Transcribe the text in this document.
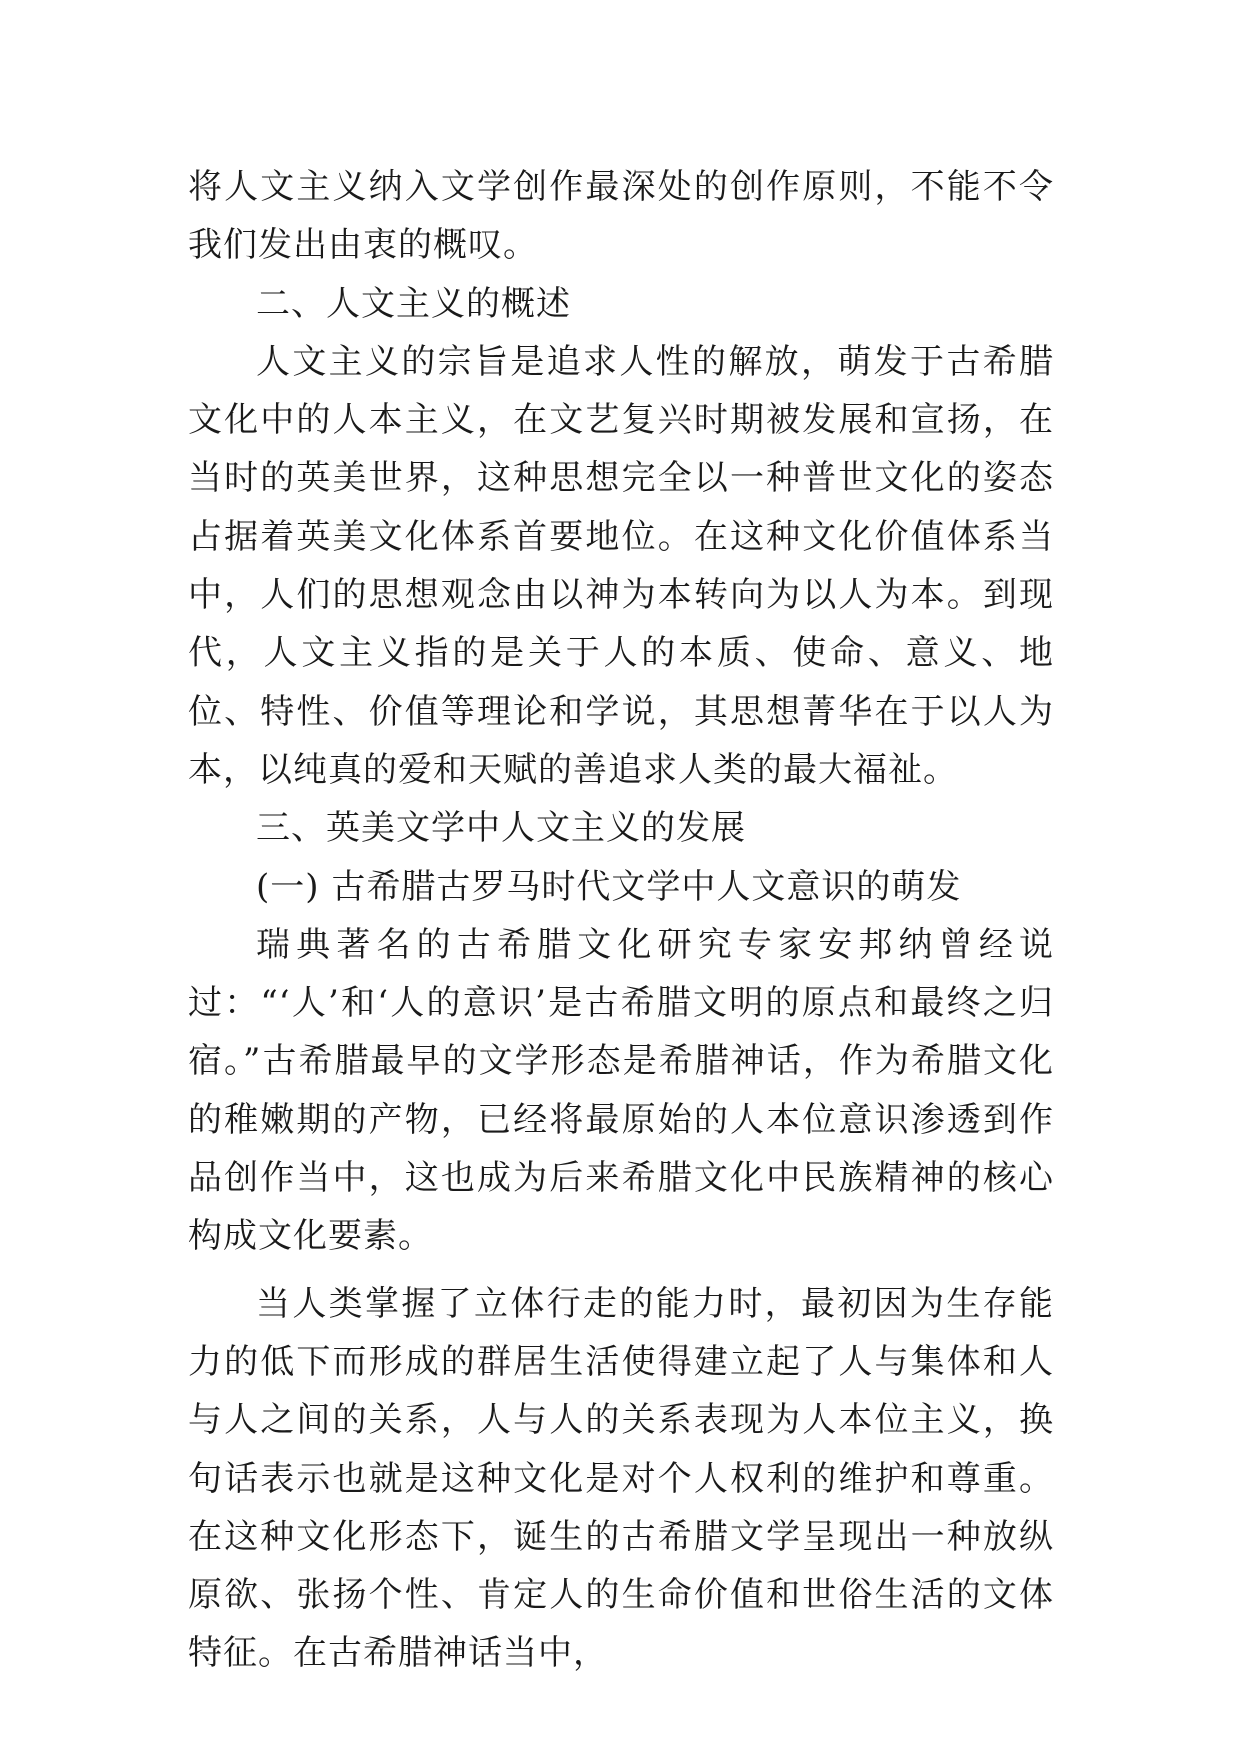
将人文主义纳入文学创作最深处的创作原则，不能不令我们发出由衷的概叹。

二、人文主义的概述

人文主义的宗旨是追求人性的解放，萌发于古希腊文化中的人本主义，在文艺复兴时期被发展和宣扬，在当时的英美世界，这种思想完全以一种普世文化的姿态占据着英美文化体系首要地位。在这种文化价值体系当中，人们的思想观念由以神为本转向为以人为本。到现代，人文主义指的是关于人的本质、使命、意义、地位、特性、价值等理论和学说，其思想菁华在于以人为本，以纯真的爱和天赋的善追求人类的最大福祉。

三、英美文学中人文主义的发展

(一) 古希腊古罗马时代文学中人文意识的萌发

瑞典著名的古希腊文化研究专家安邦纳曾经说过：“‘人’和‘人的意识’是古希腊文明的原点和最终之归宿。”古希腊最早的文学形态是希腊神话，作为希腊文化的稚嫩期的产物，已经将最原始的人本位意识渗透到作品创作当中，这也成为后来希腊文化中民族精神的核心构成文化要素。

当人类掌握了立体行走的能力时，最初因为生存能力的低下而形成的群居生活使得建立起了人与集体和人与人之间的关系，人与人的关系表现为人本位主义，换句话表示也就是这种文化是对个人权利的维护和尊重。在这种文化形态下，诞生的古希腊文学呈现出一种放纵原欲、张扬个性、肯定人的生命价值和世俗生活的文体特征。在古希腊神话当中，
